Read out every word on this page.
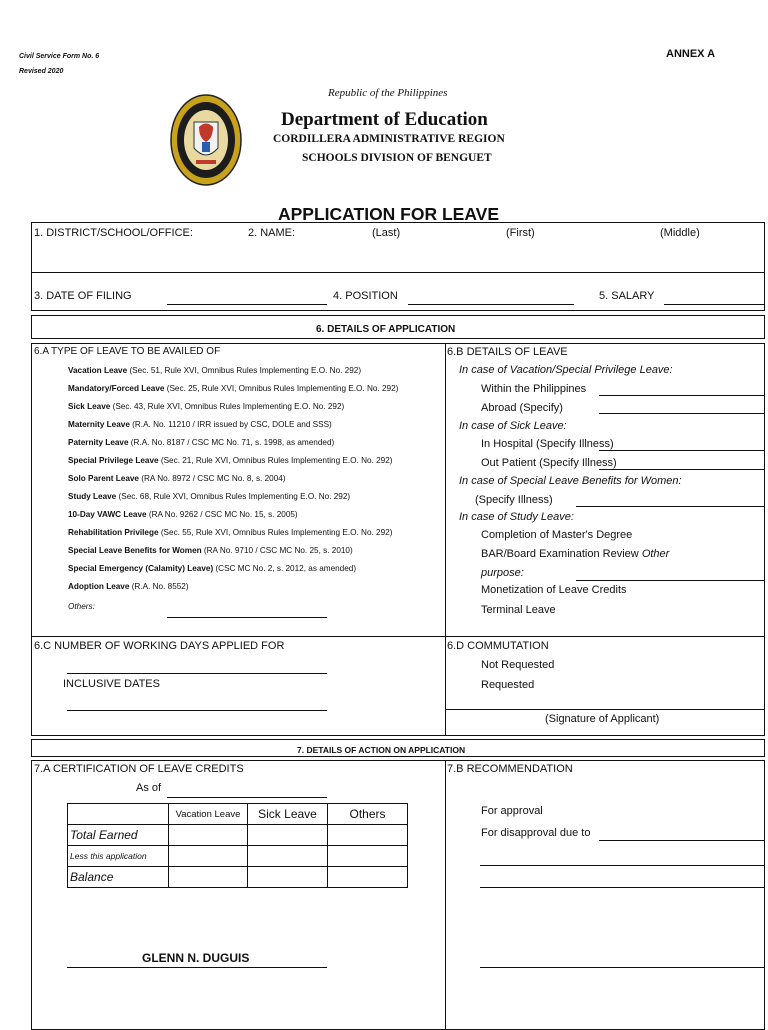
Civil Service Form No. 6
Revised 2020
ANNEX A
Republic of the Philippines
Department of Education
CORDILLERA ADMINISTRATIVE REGION
SCHOOLS DIVISION OF BENGUET
APPLICATION FOR LEAVE
1. DISTRICT/SCHOOL/OFFICE:	2. NAME:	(Last)	(First)	(Middle)
3. DATE OF FILING	4. POSITION	5. SALARY
6. DETAILS OF APPLICATION
6.A TYPE OF LEAVE TO BE AVAILED OF
Vacation Leave (Sec. 51, Rule XVI, Omnibus Rules Implementing E.O. No. 292)
Mandatory/Forced Leave (Sec. 25, Rule XVI, Omnibus Rules Implementing E.O. No. 292)
Sick Leave (Sec. 43, Rule XVI, Omnibus Rules Implementing E.O. No. 292)
Maternity Leave (R.A. No. 11210 / IRR issued by CSC, DOLE and SSS)
Paternity Leave (R.A. No. 8187 / CSC MC No. 71, s. 1998, as amended)
Special Privilege Leave (Sec. 21, Rule XVI, Omnibus Rules Implementing E.O. No. 292)
Solo Parent Leave (RA No. 8972 / CSC MC No. 8, s. 2004)
Study Leave (Sec. 68, Rule XVI, Omnibus Rules Implementing E.O. No. 292)
10-Day VAWC Leave (RA No. 9262 / CSC MC No. 15, s. 2005)
Rehabilitation Privilege (Sec. 55, Rule XVI, Omnibus Rules Implementing E.O. No. 292)
Special Leave Benefits for Women (RA No. 9710 / CSC MC No. 25, s. 2010)
Special Emergency (Calamity) Leave) (CSC MC No. 2, s. 2012, as amended)
Adoption Leave (R.A. No. 8552)
Others:
6.B DETAILS OF LEAVE
In case of Vacation/Special Privilege Leave:
Within the Philippines
Abroad (Specify)
In case of Sick Leave:
In Hospital (Specify Illness)
Out Patient (Specify Illness)
In case of Special Leave Benefits for Women:
(Specify Illness)
In case of Study Leave:
Completion of Master's Degree
BAR/Board Examination Review Other
purpose:
Monetization of Leave Credits
Terminal Leave
6.C NUMBER OF WORKING DAYS APPLIED FOR
INCLUSIVE DATES
6.D COMMUTATION
Not Requested
Requested
(Signature of Applicant)
7. DETAILS OF ACTION ON APPLICATION
7.A CERTIFICATION OF LEAVE CREDITS
As of
	Vacation Leave	Sick Leave	Others
Total Earned			
Less this application			
Balance			
GLENN N. DUGUIS
7.B RECOMMENDATION
For approval
For disapproval due to
